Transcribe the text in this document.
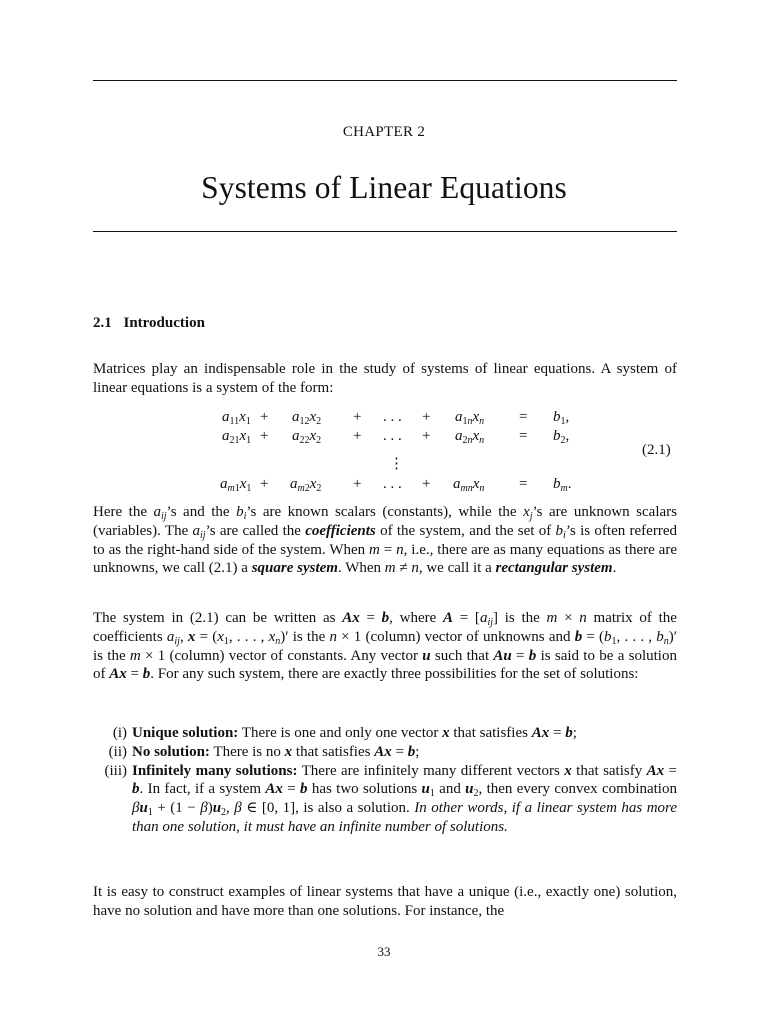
CHAPTER 2
Systems of Linear Equations
2.1 Introduction
Matrices play an indispensable role in the study of systems of linear equations. A system of linear equations is a system of the form:
$a_{11}x_1 + a_{12}x_2$ + . . . + $a_{1n}x_n = b_1$,
$a_{21}x_1 + a_{22}x_2$ + . . . + $a_{2n}x_n = b_2$,
⋮
$a_{m1}x_1 + a_{m2}x_2$ + . . . + $a_{mn}x_n = b_m$.
(2.1)
Here the $a_{ij}’s$ and the $b_i’s$ are known scalars (constants), while the $x_j’s$ are unknown scalars (variables). The $a_{ij}’s$ are called the coefficients of the system, and the set of $b_i’s$ is often referred to as the right-hand side of the system. When m = n, i.e., there are as many equations as there are unknowns, we call (2.1) a square system. When m ≠ n, we call it a rectangular system.
The system in (2.1) can be written as Ax = b, where $A = [a_{ij}]$ is the m × n matrix of the coefficients $a_{ij}$, $x = (x_1$, . . . , $x_n)'$ is the n × 1 (column) vector of unknowns and $b = (b_1$, . . . , $b_n)'$ is the m × 1 (column) vector of constants. Any vector u such that Au = b is said to be a solution of Ax = b. For any such system, there are exactly three possibilities for the set of solutions:
(i) Unique solution: There is one and only one vector x that satisfies Ax = b;
(ii) No solution: There is no x that satisfies Ax = b;
(iii) Infinitely many solutions: There are infinitely many different vectors x that satisfy Ax = b. In fact, if a system Ax = b has two solutions $u_1$ and $u_2$, then every convex combination $\beta u_1 + (1 - \beta)u_2$, β ∈ [0, 1], is also a solution. In other words, if a linear system has more than one solution, it must have an infinite number of solutions.
It is easy to construct examples of linear systems that have a unique (i.e., exactly one) solution, have no solution and have more than one solutions. For instance, the
33
